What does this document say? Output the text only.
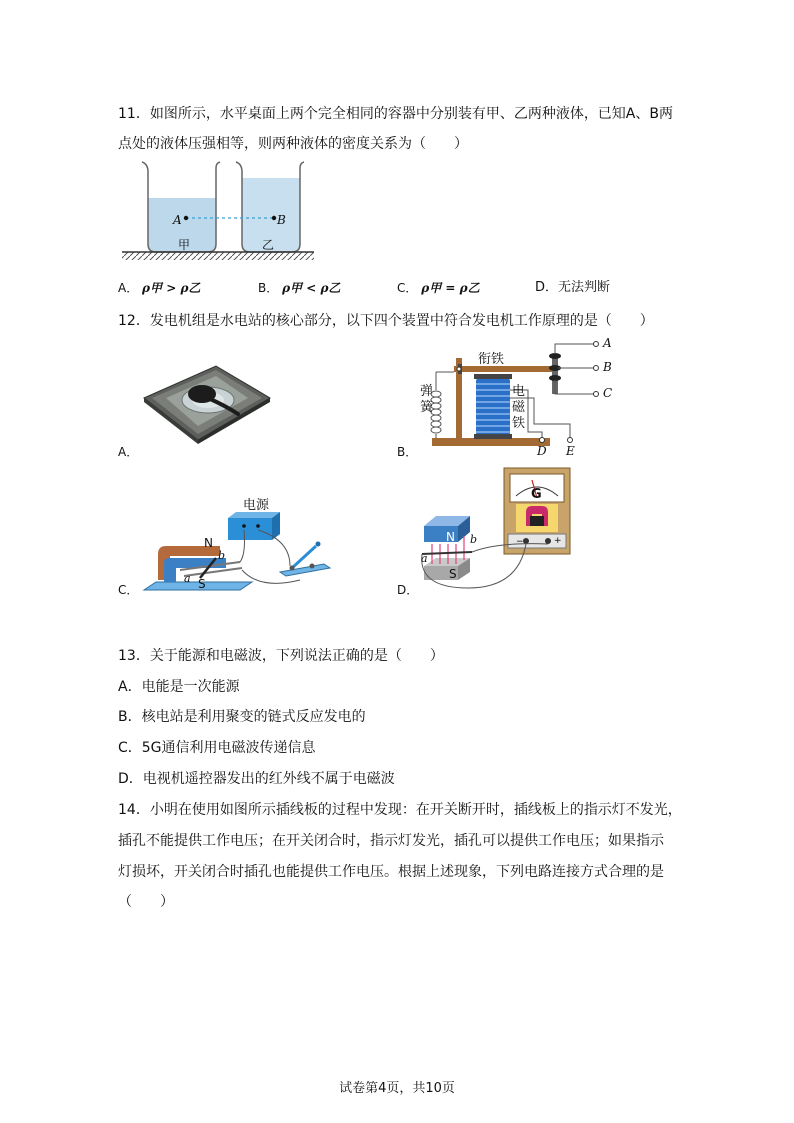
11．如图所示，水平桌面上两个完全相同的容器中分别装有甲、乙两种液体，已知A、B两
点处的液体压强相等，则两种液体的密度关系为（　　）
A	B
甲	乙
A． ρ甲 > ρ乙	B． ρ甲 < ρ乙	C． ρ甲 = ρ乙	D．无法判断
12．发电机组是水电站的核心部分，以下四个装置中符合发电机工作原理的是（　　）
A．
衔铁
弹簧
电磁铁
A
B
C
D E
B．
电源
N
S
a
b
C．
G
N
S
a
b	−	+
D．
13．关于能源和电磁波，下列说法正确的是（　　）
A．电能是一次能源
B．核电站是利用聚变的链式反应发电的
C．5G通信利用电磁波传递信息
D．电视机遥控器发出的红外线不属于电磁波
14．小明在使用如图所示插线板的过程中发现：在开关断开时，插线板上的指示灯不发光，
插孔不能提供工作电压；在开关闭合时，指示灯发光，插孔可以提供工作电压；如果指示
灯损坏，开关闭合时插孔也能提供工作电压。根据上述现象，下列电路连接方式合理的是
（　　）
试卷第4页，共10页
